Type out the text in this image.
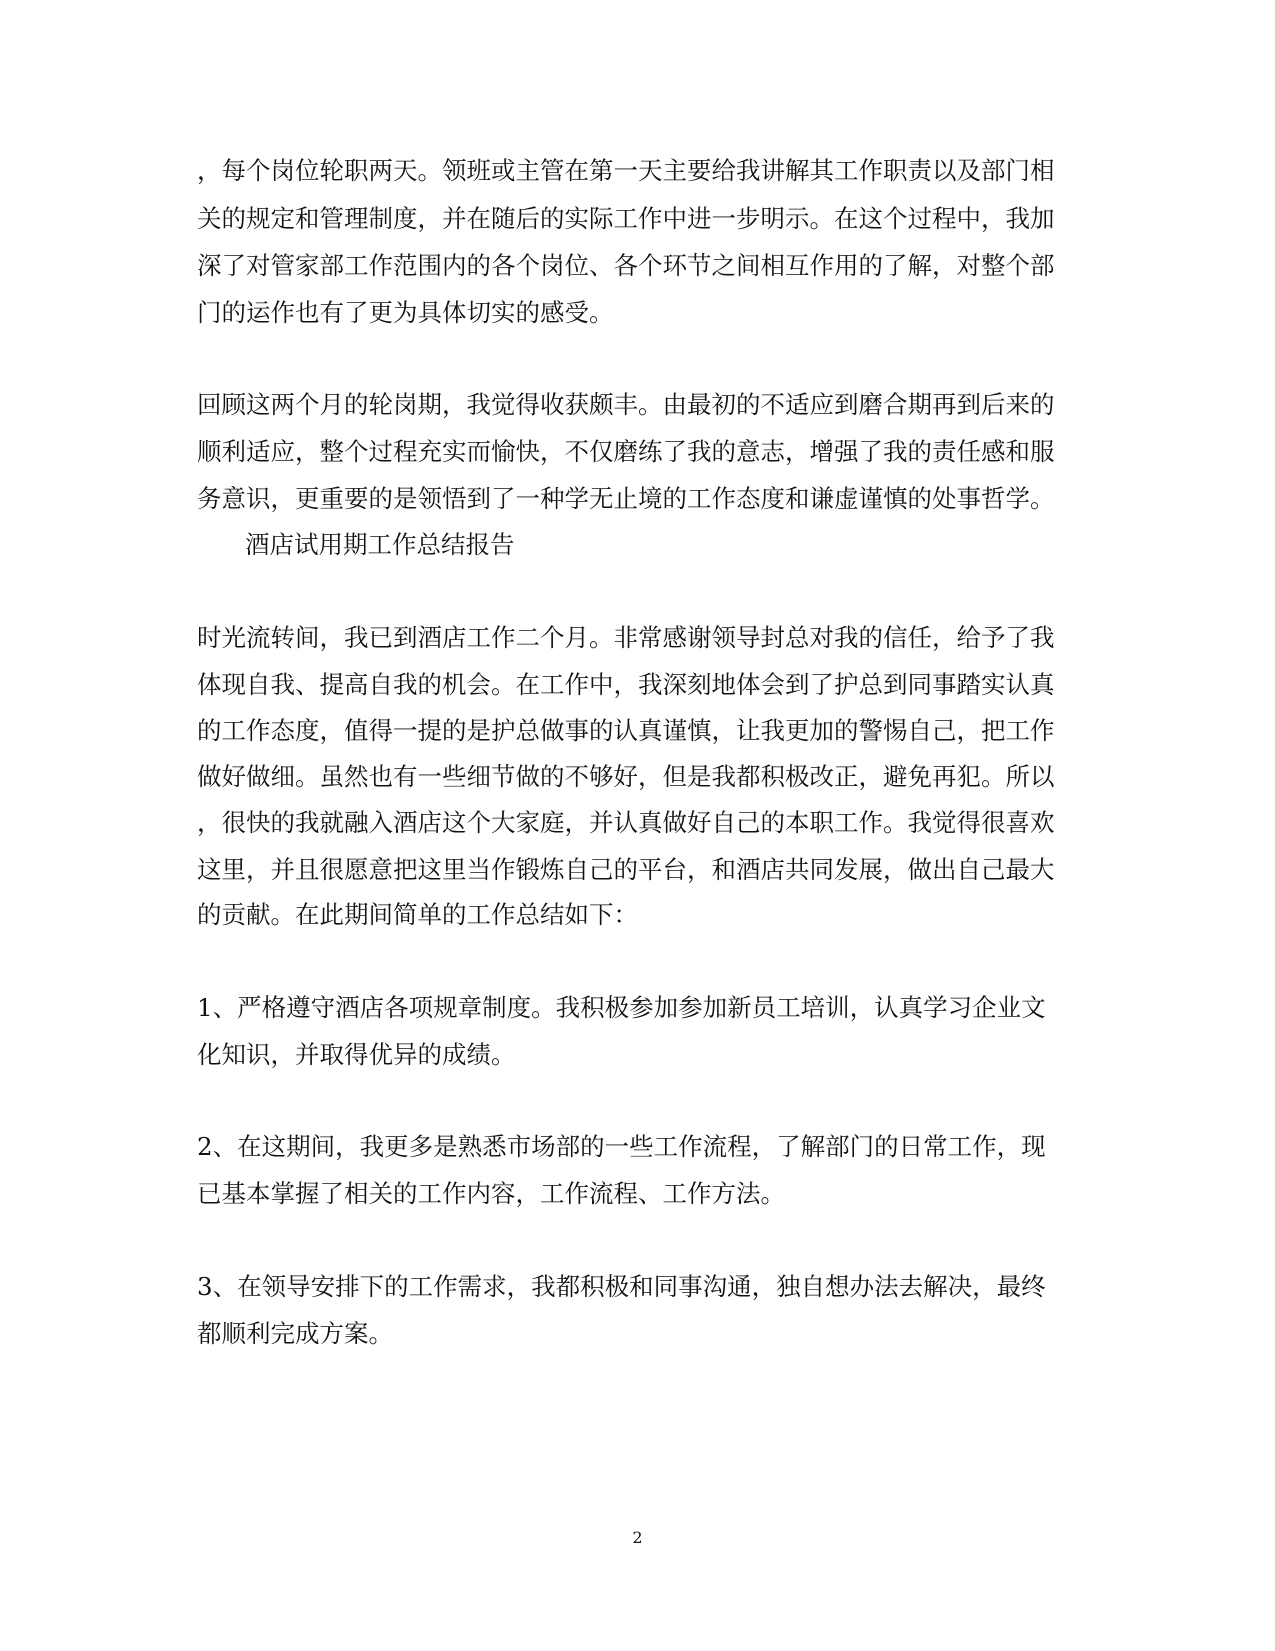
，每个岗位轮职两天。领班或主管在第一天主要给我讲解其工作职责以及部门相

关的规定和管理制度，并在随后的实际工作中进一步明示。在这个过程中，我加

深了对管家部工作范围内的各个岗位、各个环节之间相互作用的了解，对整个部

门的运作也有了更为具体切实的感受。

回顾这两个月的轮岗期，我觉得收获颇丰。由最初的不适应到磨合期再到后来的

顺利适应，整个过程充实而愉快，不仅磨练了我的意志，增强了我的责任感和服

务意识，更重要的是领悟到了一种学无止境的工作态度和谦虚谨慎的处事哲学。

酒店试用期工作总结报告

时光流转间，我已到酒店工作二个月。非常感谢领导封总对我的信任，给予了我

体现自我、提高自我的机会。在工作中，我深刻地体会到了护总到同事踏实认真

的工作态度，值得一提的是护总做事的认真谨慎，让我更加的警惕自己，把工作

做好做细。虽然也有一些细节做的不够好，但是我都积极改正，避免再犯。所以

，很快的我就融入酒店这个大家庭，并认真做好自己的本职工作。我觉得很喜欢

这里，并且很愿意把这里当作锻炼自己的平台，和酒店共同发展，做出自己最大

的贡献。在此期间简单的工作总结如下：

1、严格遵守酒店各项规章制度。我积极参加参加新员工培训，认真学习企业文

化知识，并取得优异的成绩。

2、在这期间，我更多是熟悉市场部的一些工作流程，了解部门的日常工作，现

已基本掌握了相关的工作内容，工作流程、工作方法。

3、在领导安排下的工作需求，我都积极和同事沟通，独自想办法去解决，最终

都顺利完成方案。

2
